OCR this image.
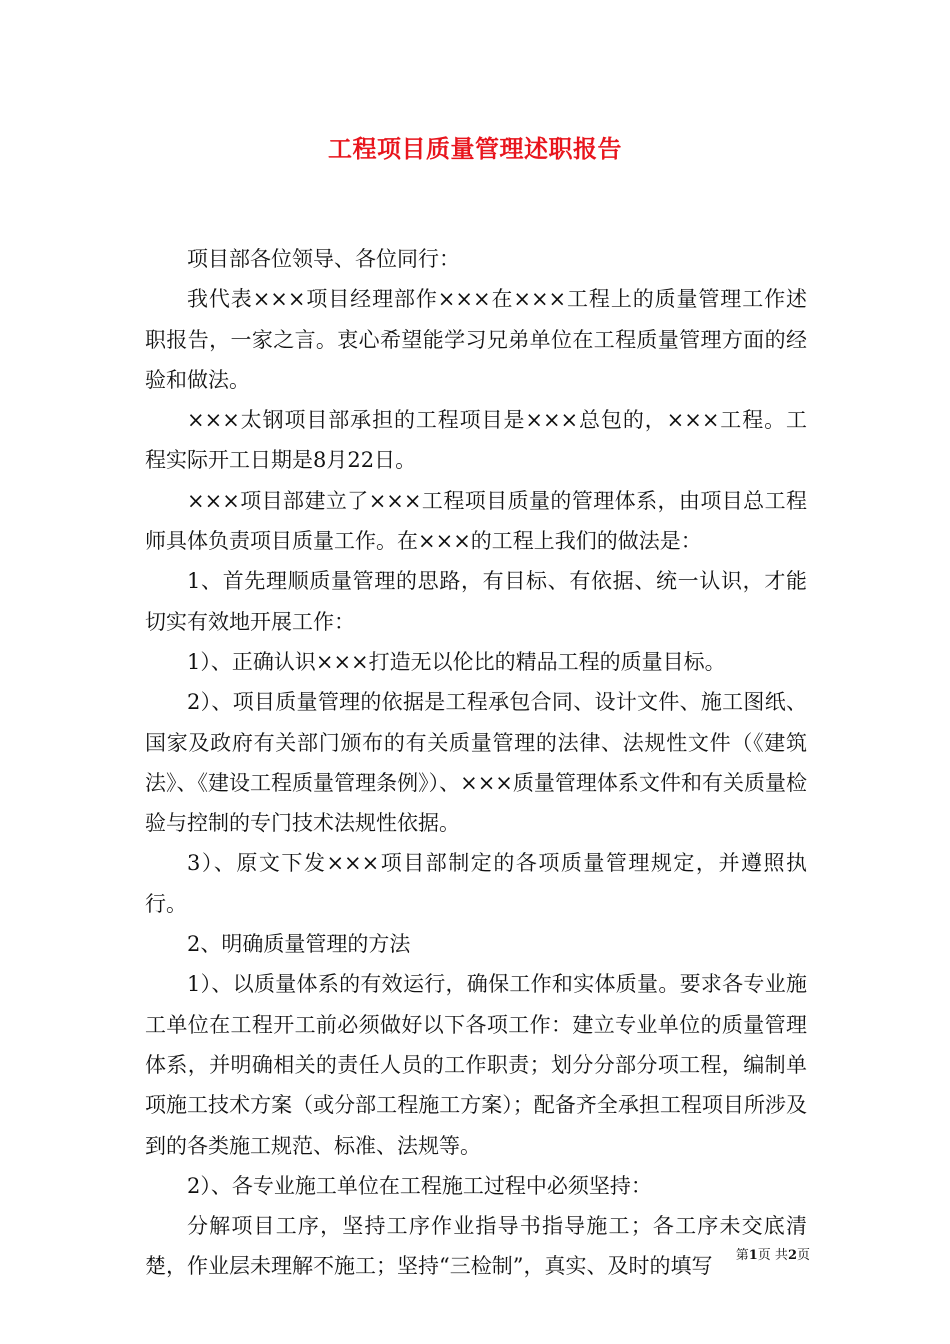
工程项目质量管理述职报告

项目部各位领导、各位同行：

我代表×××项目经理部作×××在×××工程上的质量管理工作述职报告，一家之言。衷心希望能学习兄弟单位在工程质量管理方面的经验和做法。

×××太钢项目部承担的工程项目是×××总包的，×××工程。工程实际开工日期是8月22日。

×××项目部建立了×××工程项目质量的管理体系，由项目总工程师具体负责项目质量工作。在×××的工程上我们的做法是：

1、首先理顺质量管理的思路，有目标、有依据、统一认识，才能切实有效地开展工作：

1）、正确认识×××打造无以伦比的精品工程的质量目标。

2）、项目质量管理的依据是工程承包合同、设计文件、施工图纸、国家及政府有关部门颁布的有关质量管理的法律、法规性文件（《建筑法》、《建设工程质量管理条例》）、×××质量管理体系文件和有关质量检验与控制的专门技术法规性依据。

3）、原文下发×××项目部制定的各项质量管理规定，并遵照执行。

2、明确质量管理的方法

1）、以质量体系的有效运行，确保工作和实体质量。要求各专业施工单位在工程开工前必须做好以下各项工作：建立专业单位的质量管理体系，并明确相关的责任人员的工作职责；划分分部分项工程，编制单项施工技术方案（或分部工程施工方案）；配备齐全承担工程项目所涉及到的各类施工规范、标准、法规等。

2）、各专业施工单位在工程施工过程中必须坚持：

分解项目工序，坚持工序作业指导书指导施工；各工序未交底清楚，作业层未理解不施工；坚持“三检制”，真实、及时的填写	第1页 共2页
